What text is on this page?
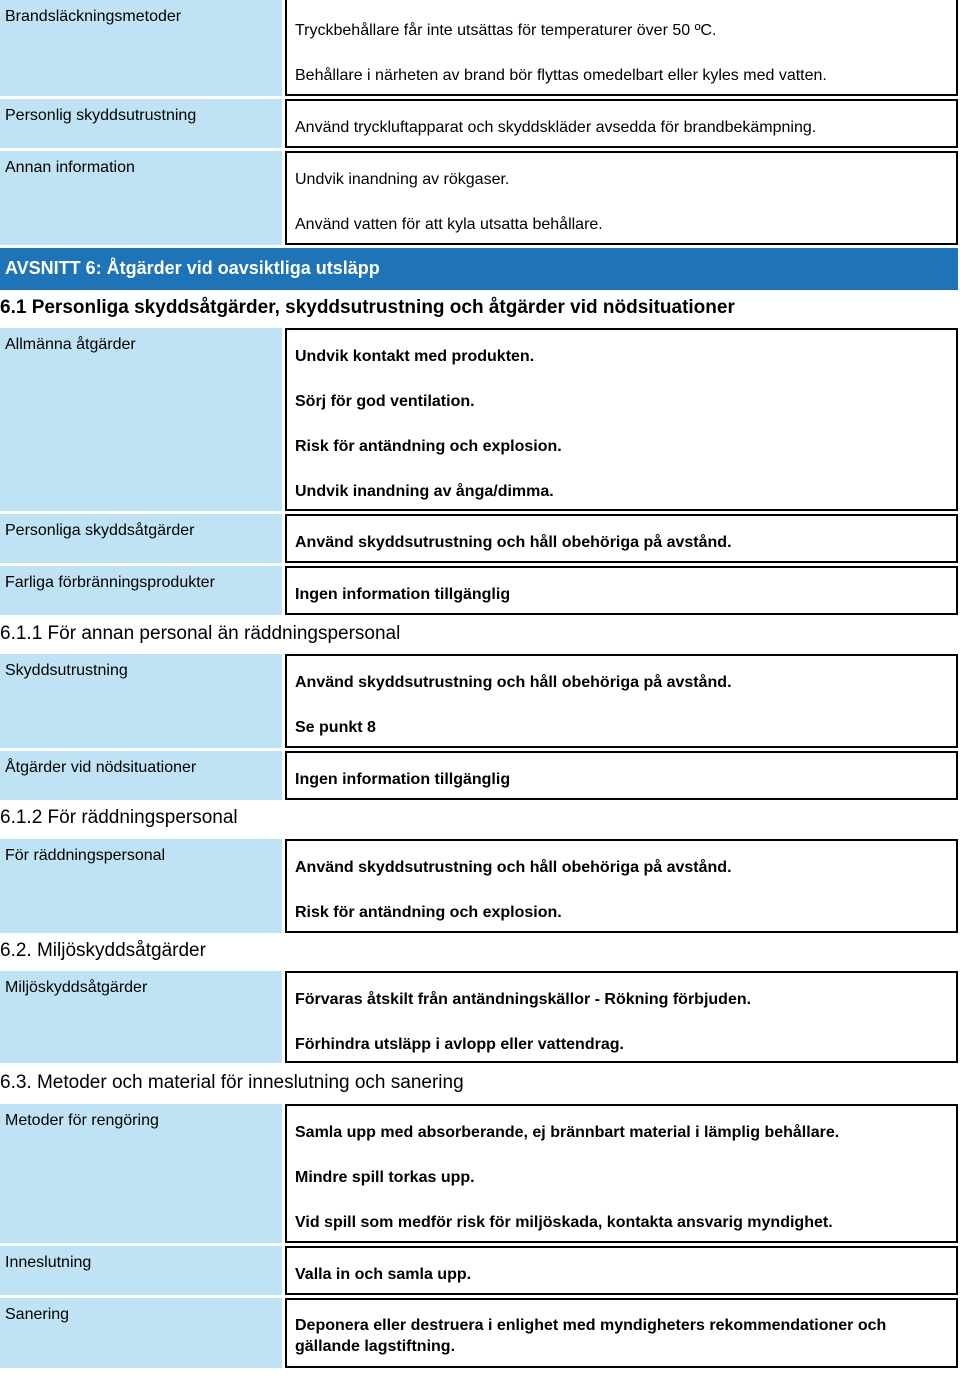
Brandsläckningsmetoder
Tryckbehållare får inte utsättas för temperaturer över 50 ºC.
Behållare i närheten av brand bör flyttas omedelbart eller kyles med vatten.
Personlig skyddsutrustning
Använd tryckluftapparat och skyddskläder avsedda för brandbekämpning.
Annan information
Undvik inandning av rökgaser.
Använd vatten för att kyla utsatta behållare.
AVSNITT 6: Åtgärder vid oavsiktliga utsläpp
6.1 Personliga skyddsåtgärder, skyddsutrustning och åtgärder vid nödsituationer
Allmänna åtgärder
Undvik kontakt med produkten.
Sörj för god ventilation.
Risk för antändning och explosion.
Undvik inandning av ånga/dimma.
Personliga skyddsåtgärder
Använd skyddsutrustning och håll obehöriga på avstånd.
Farliga förbränningsprodukter
Ingen information tillgänglig
6.1.1 För annan personal än räddningspersonal
Skyddsutrustning
Använd skyddsutrustning och håll obehöriga på avstånd.
Se punkt 8
Åtgärder vid nödsituationer
Ingen information tillgänglig
6.1.2 För räddningspersonal
För räddningspersonal
Använd skyddsutrustning och håll obehöriga på avstånd.
Risk för antändning och explosion.
6.2. Miljöskyddsåtgärder
Miljöskyddsåtgärder
Förvaras åtskilt från antändningskällor - Rökning förbjuden.
Förhindra utsläpp i avlopp eller vattendrag.
6.3. Metoder och material för inneslutning och sanering
Metoder för rengöring
Samla upp med absorberande, ej brännbart material i lämplig behållare.
Mindre spill torkas upp.
Vid spill som medför risk för miljöskada, kontakta ansvarig myndighet.
Inneslutning
Valla in och samla upp.
Sanering
Deponera eller destruera i enlighet med myndigheters rekommendationer och gällande lagstiftning.
